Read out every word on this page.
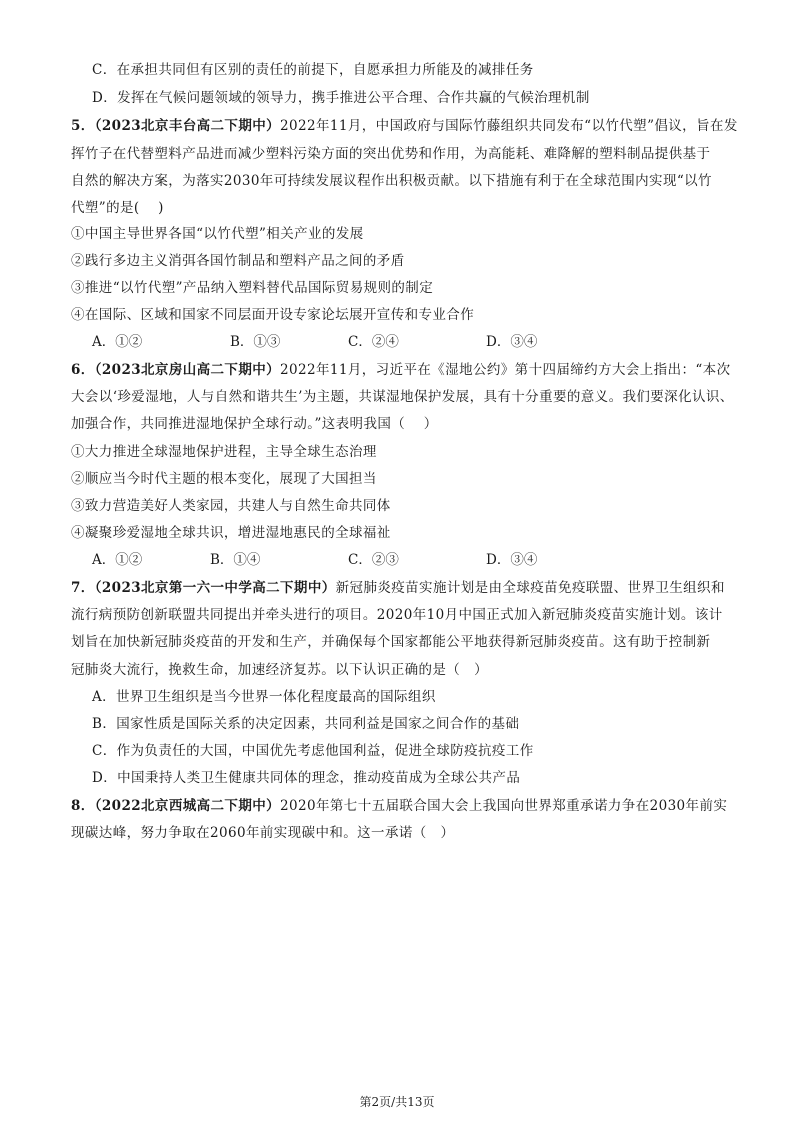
C．在承担共同但有区别的责任的前提下，自愿承担力所能及的减排任务
D．发挥在气候问题领域的领导力，携手推进公平合理、合作共赢的气候治理机制
5．（2023北京丰台高二下期中）2022年11月，中国政府与国际竹藤组织共同发布“以竹代塑”倡议，旨在发
挥竹子在代替塑料产品进而减少塑料污染方面的突出优势和作用，为高能耗、难降解的塑料制品提供基于
自然的解决方案，为落实2030年可持续发展议程作出积极贡献。以下措施有利于在全球范围内实现“以竹
代塑”的是(　 )
①中国主导世界各国“以竹代塑”相关产业的发展
②践行多边主义消弭各国竹制品和塑料产品之间的矛盾
③推进“以竹代塑”产品纳入塑料替代品国际贸易规则的制定
④在国际、区域和国家不同层面开设专家论坛展开宣传和专业合作
A．①②	B．①③	C．②④	D．③④
6．（2023北京房山高二下期中）2022年11月，习近平在《湿地公约》第十四届缔约方大会上指出：“本次
大会以‘珍爱湿地，人与自然和谐共生’为主题，共谋湿地保护发展，具有十分重要的意义。我们要深化认识、
加强合作，共同推进湿地保护全球行动。”这表明我国（　 ）
①大力推进全球湿地保护进程，主导全球生态治理
②顺应当今时代主题的根本变化，展现了大国担当
③致力营造美好人类家园，共建人与自然生命共同体
④凝聚珍爱湿地全球共识，增进湿地惠民的全球福祉
A．①②	B．①④	C．②③	D．③④
7．（2023北京第一六一中学高二下期中）新冠肺炎疫苗实施计划是由全球疫苗免疫联盟、世界卫生组织和
流行病预防创新联盟共同提出并牵头进行的项目。2020年10月中国正式加入新冠肺炎疫苗实施计划。该计
划旨在加快新冠肺炎疫苗的开发和生产，并确保每个国家都能公平地获得新冠肺炎疫苗。这有助于控制新
冠肺炎大流行，挽救生命，加速经济复苏。以下认识正确的是（　）
A．世界卫生组织是当今世界一体化程度最高的国际组织
B．国家性质是国际关系的决定因素，共同利益是国家之间合作的基础
C．作为负责任的大国，中国优先考虑他国利益，促进全球防疫抗疫工作
D．中国秉持人类卫生健康共同体的理念，推动疫苗成为全球公共产品
8．（2022北京西城高二下期中）2020年第七十五届联合国大会上我国向世界郑重承诺力争在2030年前实
现碳达峰，努力争取在2060年前实现碳中和。这一承诺（　）
第2页/共13页
